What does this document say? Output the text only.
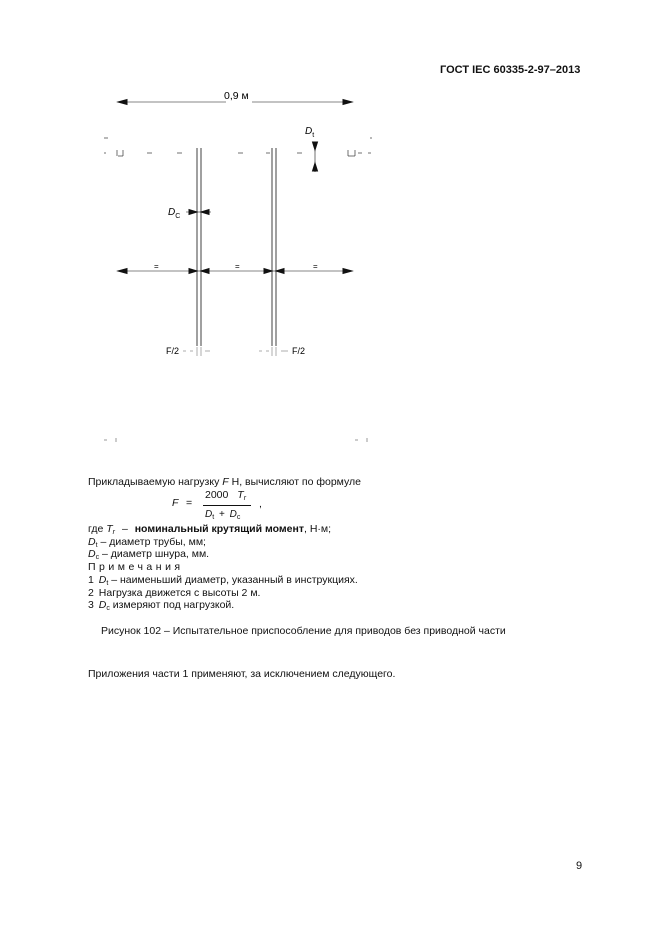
ГОСТ IEC 60335-2-97–2013
0,9 м
$D_t$
$D_C$
=	=	=
F/2	F/2
Прикладываемую нагрузку F Н, вычисляют по формуле
F =
2000 $T_r$
$D_t + D_c$
,
где $T_r$ – номинальный крутящий момент, Н·м;
$D_t$ – диаметр трубы, мм;
$D_c$ – диаметр шнура, мм.
Примечания
1 $D_t$ – наименьший диаметр, указанный в инструкциях.
2 Нагрузка движется с высоты 2 м.
3 $D_c$ измеряют под нагрузкой.
Рисунок 102 – Испытательное приспособление для приводов без приводной части
Приложения части 1 применяют, за исключением следующего.
9
